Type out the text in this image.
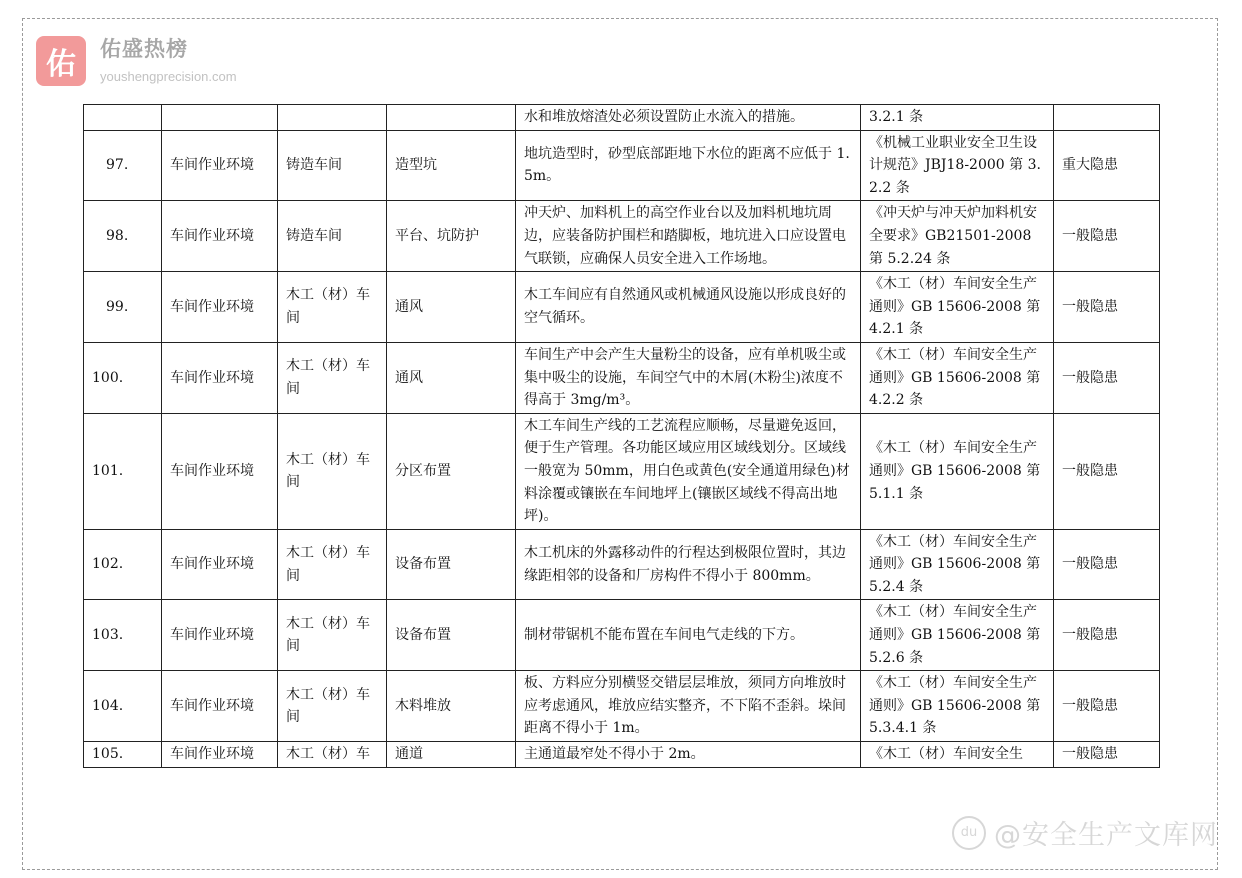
佑	佑盛热榜
youshengprecision.com
				水和堆放熔渣处必须设置防止水流入的措施。	3.2.1 条	
97.	车间作业环境	铸造车间	造型坑	地坑造型时，砂型底部距地下水位的距离不应低于 1.5m。	《机械工业职业安全卫生设计规范》JBJ18-2000 第 3.2.2 条	重大隐患
98.	车间作业环境	铸造车间	平台、坑防护	冲天炉、加料机上的高空作业台以及加料机地坑周边，应装备防护围栏和踏脚板，地坑进入口应设置电气联锁，应确保人员安全进入工作场地。	《冲天炉与冲天炉加料机安全要求》GB21501-2008 第 5.2.24 条	一般隐患
99.	车间作业环境	木工（材）车间	通风	木工车间应有自然通风或机械通风设施以形成良好的空气循环。	《木工（材）车间安全生产通则》GB 15606-2008 第 4.2.1 条	一般隐患
100.	车间作业环境	木工（材）车间	通风	车间生产中会产生大量粉尘的设备，应有单机吸尘或集中吸尘的设施，车间空气中的木屑(木粉尘)浓度不得高于 3mg/m³。	《木工（材）车间安全生产通则》GB 15606-2008 第 4.2.2 条	一般隐患
101.	车间作业环境	木工（材）车间	分区布置	木工车间生产线的工艺流程应顺畅，尽量避免返回，便于生产管理。各功能区域应用区域线划分。区域线一般宽为 50mm，用白色或黄色(安全通道用绿色)材料涂覆或镶嵌在车间地坪上(镶嵌区域线不得高出地坪)。	《木工（材）车间安全生产通则》GB 15606-2008 第 5.1.1 条	一般隐患
102.	车间作业环境	木工（材）车间	设备布置	木工机床的外露移动件的行程达到极限位置时，其边缘距相邻的设备和厂房构件不得小于 800mm。	《木工（材）车间安全生产通则》GB 15606-2008 第 5.2.4 条	一般隐患
103.	车间作业环境	木工（材）车间	设备布置	制材带锯机不能布置在车间电气走线的下方。	《木工（材）车间安全生产通则》GB 15606-2008 第 5.2.6 条	一般隐患
104.	车间作业环境	木工（材）车间	木料堆放	板、方料应分别横竖交错层层堆放，须同方向堆放时应考虑通风，堆放应结实整齐，不下陷不歪斜。垛间距离不得小于 1m。	《木工（材）车间安全生产通则》GB 15606-2008 第 5.3.4.1 条	一般隐患
105.	车间作业环境	木工（材）车	通道	主通道最窄处不得小于 2m。	《木工（材）车间安全生	一般隐患
du @安全生产文库网
